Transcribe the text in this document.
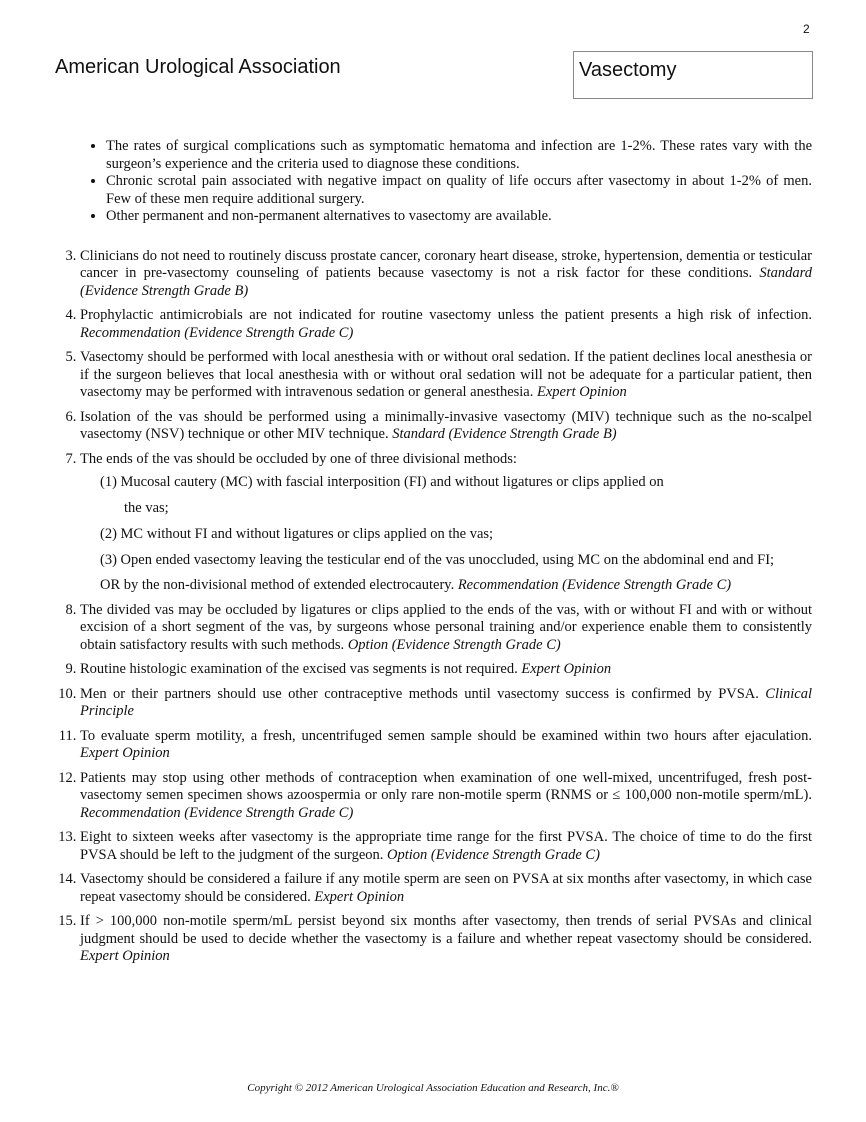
2
American Urological Association	Vasectomy
• The rates of surgical complications such as symptomatic hematoma and infection are 1-2%. These rates vary with the surgeon’s experience and the criteria used to diagnose these conditions.
• Chronic scrotal pain associated with negative impact on quality of life occurs after vasectomy in about 1-2% of men. Few of these men require additional surgery.
• Other permanent and non-permanent alternatives to vasectomy are available.
3. Clinicians do not need to routinely discuss prostate cancer, coronary heart disease, stroke, hypertension, dementia or testicular cancer in pre-vasectomy counseling of patients because vasectomy is not a risk factor for these conditions. Standard (Evidence Strength Grade B)
4. Prophylactic antimicrobials are not indicated for routine vasectomy unless the patient presents a high risk of infection. Recommendation (Evidence Strength Grade C)
5. Vasectomy should be performed with local anesthesia with or without oral sedation. If the patient declines local anesthesia or if the surgeon believes that local anesthesia with or without oral sedation will not be adequate for a particular patient, then vasectomy may be performed with intravenous sedation or general anesthesia. Expert Opinion
6. Isolation of the vas should be performed using a minimally-invasive vasectomy (MIV) technique such as the no-scalpel vasectomy (NSV) technique or other MIV technique. Standard (Evidence Strength Grade B)
7. The ends of the vas should be occluded by one of three divisional methods:

(1) Mucosal cautery (MC) with fascial interposition (FI) and without ligatures or clips applied on

the vas;

(2) MC without FI and without ligatures or clips applied on the vas;

(3) Open ended vasectomy leaving the testicular end of the vas unoccluded, using MC on the abdominal end and FI;

OR by the non-divisional method of extended electrocautery. Recommendation (Evidence Strength Grade C)
8. The divided vas may be occluded by ligatures or clips applied to the ends of the vas, with or without FI and with or without excision of a short segment of the vas, by surgeons whose personal training and/or experience enable them to consistently obtain satisfactory results with such methods. Option (Evidence Strength Grade C)
9. Routine histologic examination of the excised vas segments is not required. Expert Opinion
10. Men or their partners should use other contraceptive methods until vasectomy success is confirmed by PVSA. Clinical Principle
11. To evaluate sperm motility, a fresh, uncentrifuged semen sample should be examined within two hours after ejaculation. Expert Opinion
12. Patients may stop using other methods of contraception when examination of one well-mixed, uncentrifuged, fresh post-vasectomy semen specimen shows azoospermia or only rare non-motile sperm (RNMS or ≤ 100,000 non-motile sperm/mL). Recommendation (Evidence Strength Grade C)
13. Eight to sixteen weeks after vasectomy is the appropriate time range for the first PVSA. The choice of time to do the first PVSA should be left to the judgment of the surgeon. Option (Evidence Strength Grade C)
14. Vasectomy should be considered a failure if any motile sperm are seen on PVSA at six months after vasectomy, in which case repeat vasectomy should be considered. Expert Opinion
15. If > 100,000 non-motile sperm/mL persist beyond six months after vasectomy, then trends of serial PVSAs and clinical judgment should be used to decide whether the vasectomy is a failure and whether repeat vasectomy should be considered. Expert Opinion
Copyright © 2012 American Urological Association Education and Research, Inc.®
